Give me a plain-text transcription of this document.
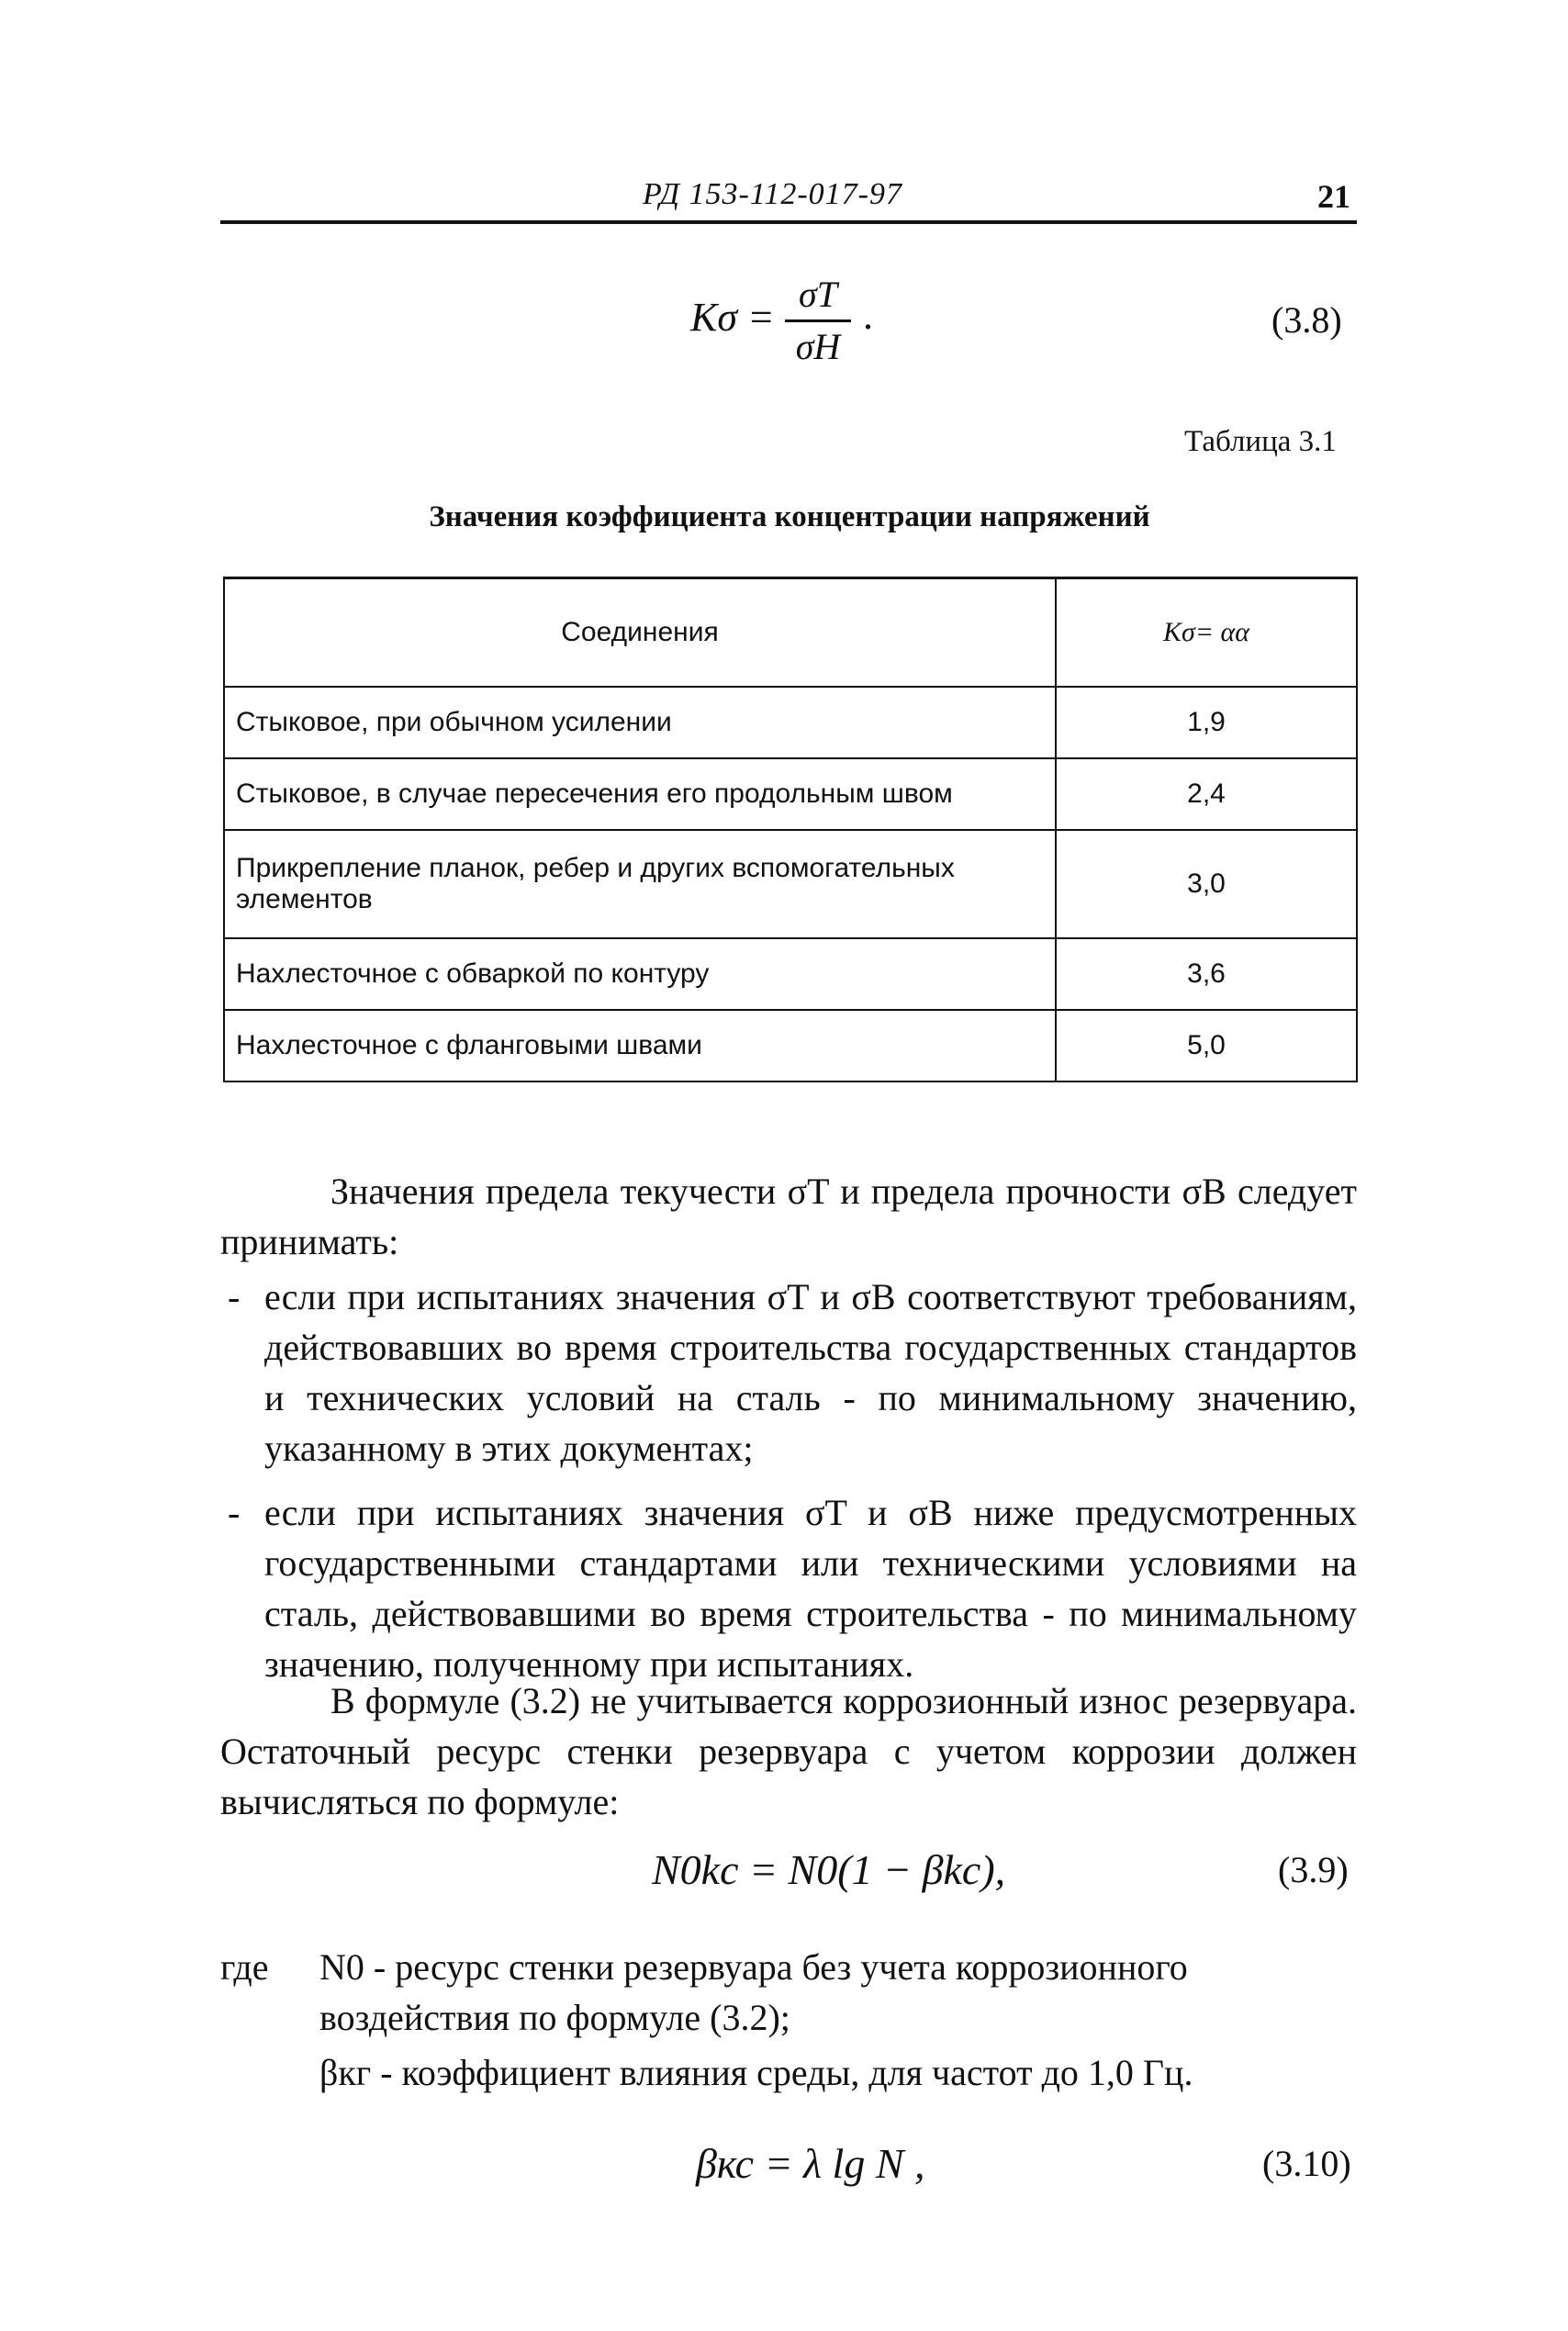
РД 153-112-017-97	21
Kσ =
σT
σH
.	(3.8)
Таблица 3.1
Значения коэффициента концентрации напряжений
Соединения	Kσ= αα
Стыковое, при обычном усилении	1,9
Стыковое, в случае пересечения его продольным швом	2,4
Прикрепление планок, ребер и других вспомогательных элементов	3,0
Нахлесточное с обваркой по контуру	3,6
Нахлесточное с фланговыми швами	5,0
Значения предела текучести σT и предела прочности σB следует принимать:
- если при испытаниях значения σT и σB соответствуют требованиям, действовавших во время строительства государственных стандартов и технических условий на сталь - по минимальному значению, указанному в этих документах;
- если при испытаниях значения σT и σB ниже предусмотренных государственными стандартами или техническими условиями на сталь, действовавшими во время строительства - по минимальному значению, полученному при испытаниях.
В формуле (3.2) не учитывается коррозионный износ резервуара. Остаточный ресурс стенки резервуара с учетом коррозии должен вычисляться по формуле:
N0kc = N0(1 − βkc),	(3.9)
где N0 - ресурс стенки резервуара без учета коррозионного воздействия по формуле (3.2);
βкг - коэффициент влияния среды, для частот до 1,0 Гц.
βкс = λ lg N ,	(3.10)
